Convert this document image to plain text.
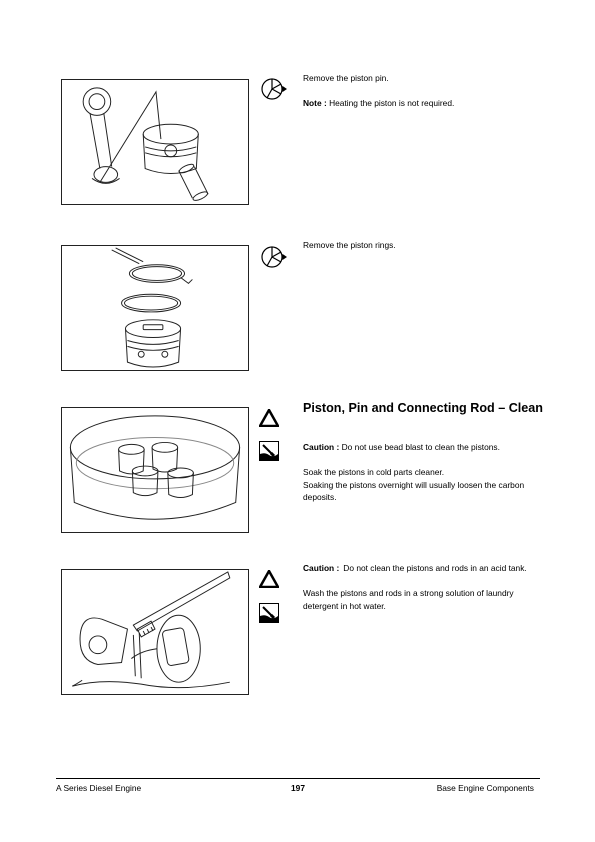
Remove the piston pin.

Note : Heating the piston is not required.

Remove the piston rings.

Piston, Pin and Connecting Rod – Clean

Caution : Do not use bead blast to clean the pistons.

Soak the pistons in cold parts cleaner.

Soaking the pistons overnight will usually loosen the carbon deposits.

Caution : Do not clean the pistons and rods in an acid tank.

Wash the pistons and rods in a strong solution of laundry detergent in hot water.

A Series Diesel Engine	197	Base Engine Components
